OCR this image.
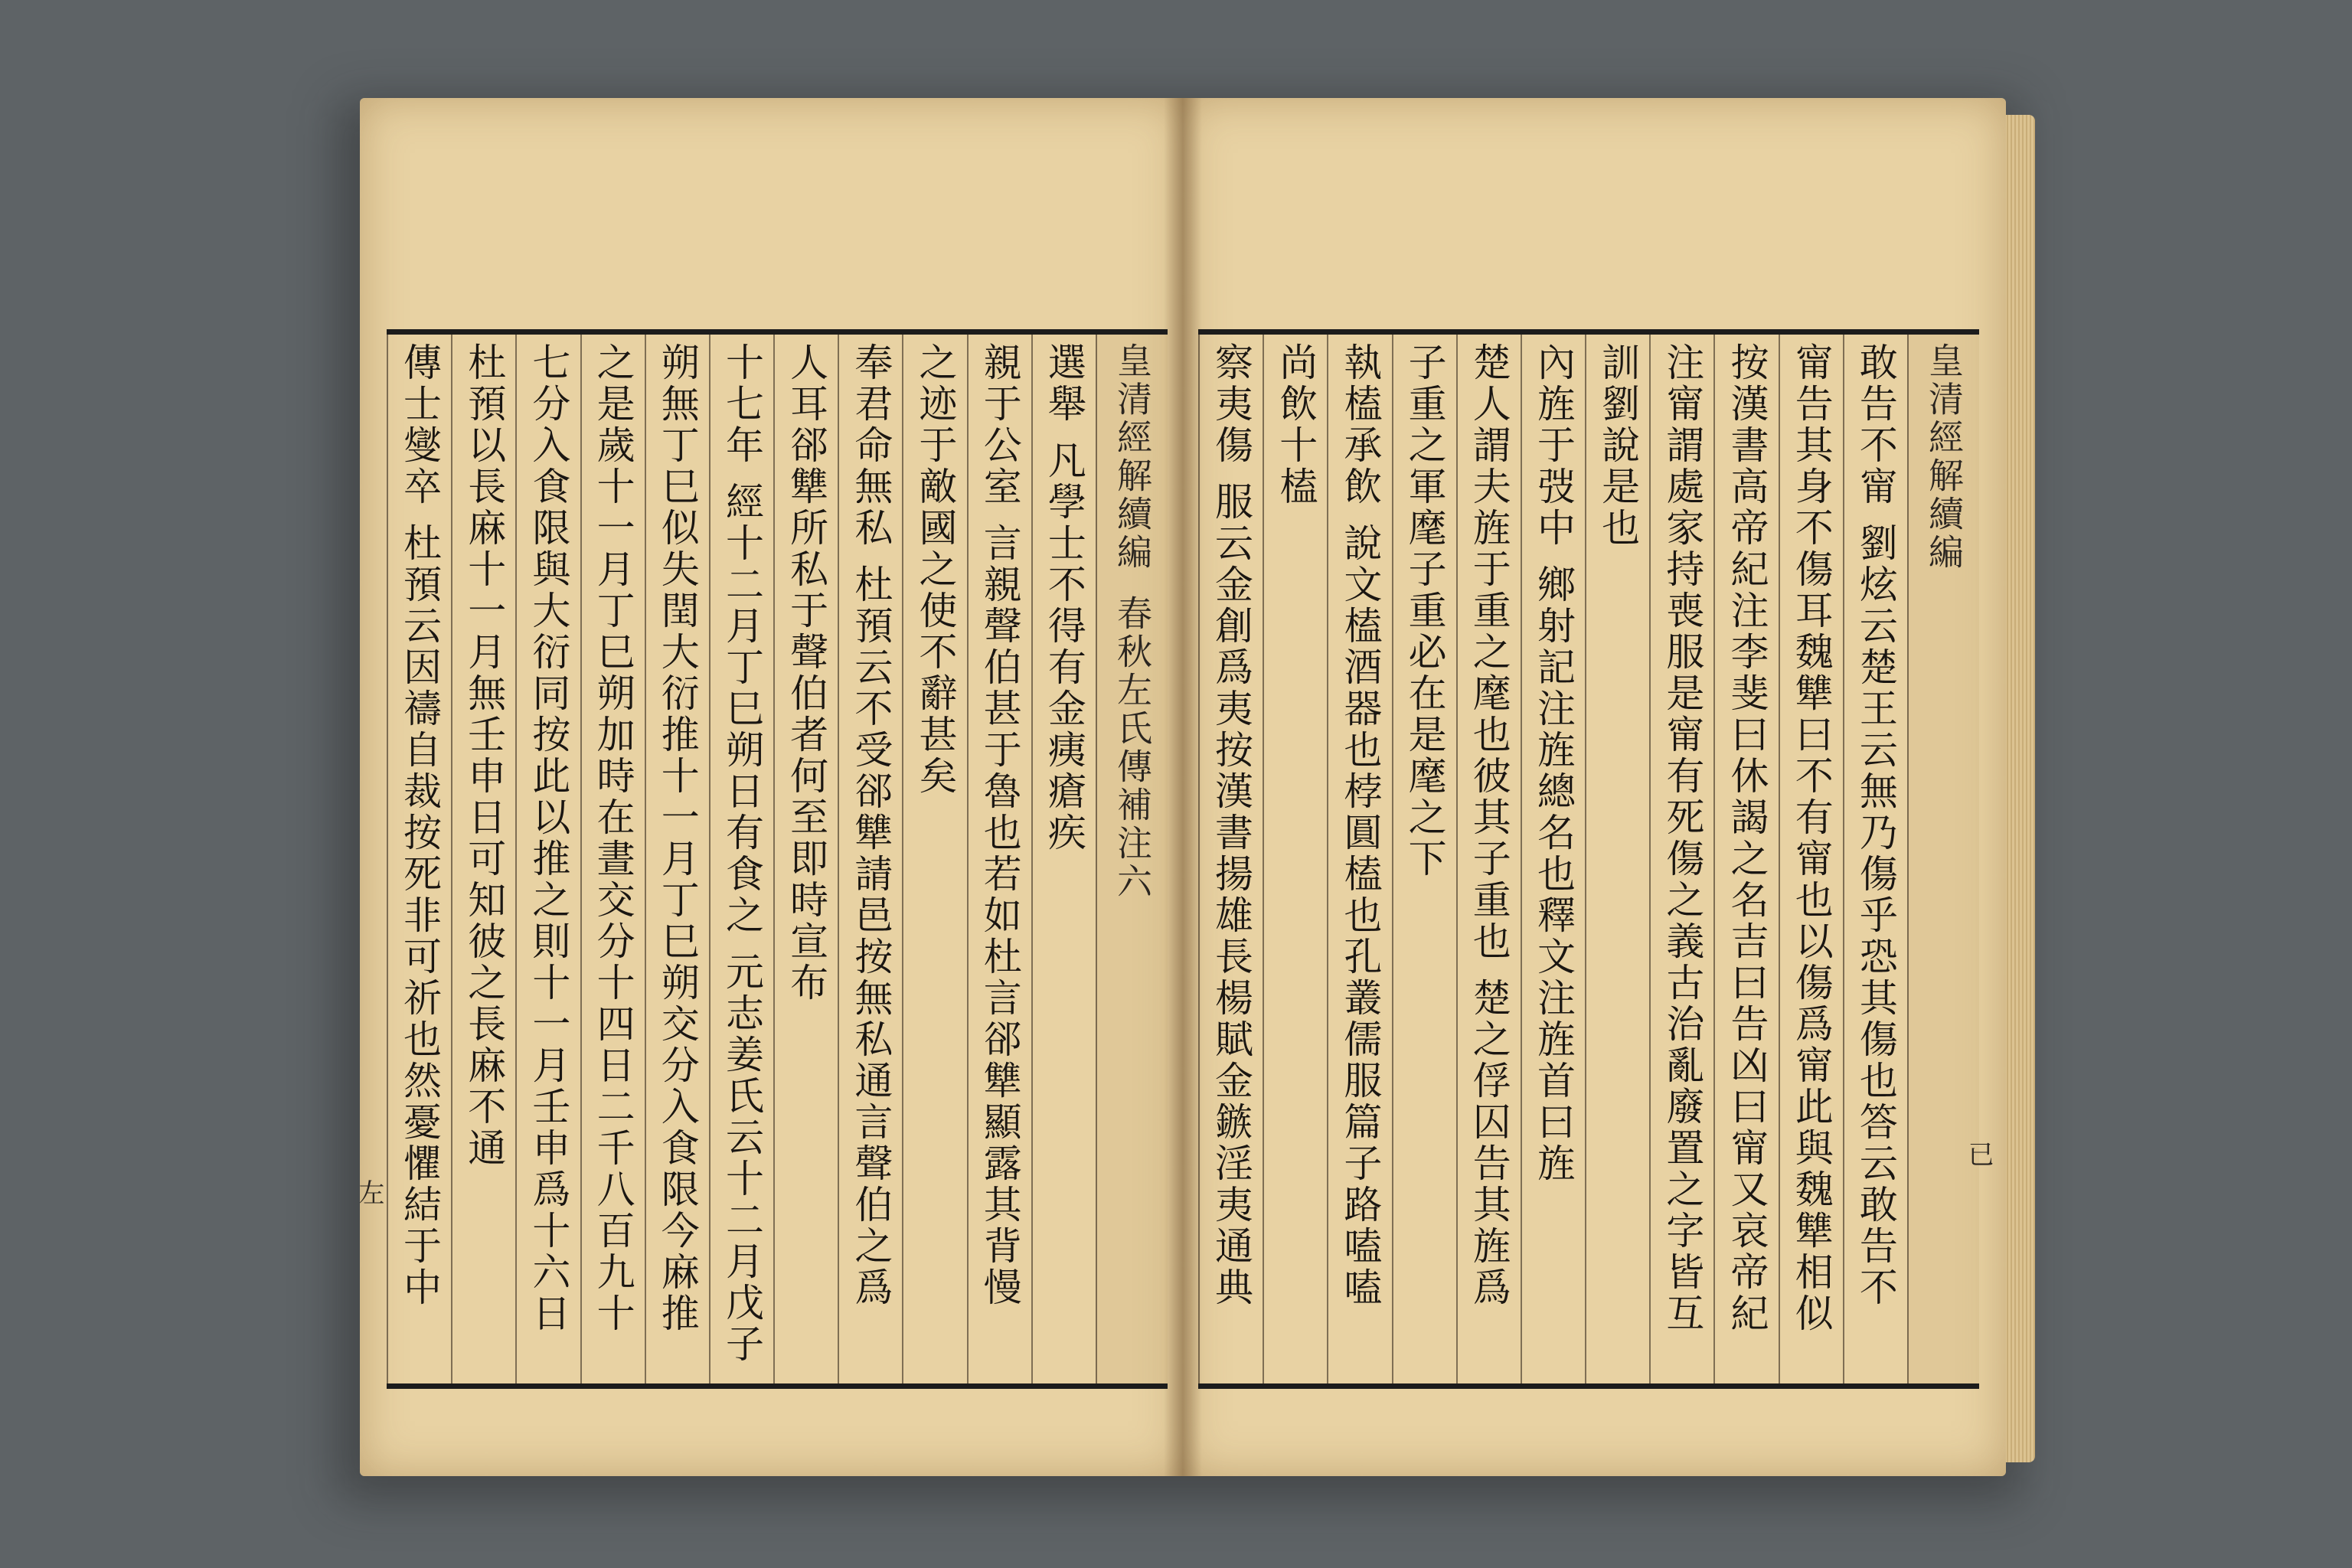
皇清經解續編
春秋左氏傳補注六
選舉 凡學士不得有金痍瘡疾
親于公室 言親聲伯甚于魯也若如杜言郤犨顯露其背慢
之迹于敵國之使不辭甚矣
奉君命無私 杜預云不受郤犨請邑按無私通言聲伯之爲
人耳郤犨所私于聲伯者何至即時宣布
十七年 經十二月丁巳朔日有食之 元志姜氏云十二月戊子
朔無丁巳似失閏大衍推十一月丁巳朔交分入食限今麻推
之是歲十一月丁巳朔加時在晝交分十四日二千八百九十
七分入食限與大衍同按此以推之則十一月壬申爲十六日
杜預以長麻十一月無壬申日可知彼之長麻不通
傳士燮卒 杜預云因禱自裁按死非可祈也然憂懼結于中
左
皇清經解續編
敢告不甯 劉炫云楚王云無乃傷乎恐其傷也答云敢告不
甯告其身不傷耳魏犨曰不有甯也以傷爲甯此與魏犨相似
按漢書高帝紀注李斐曰休謁之名吉曰告凶曰甯又哀帝紀
注甯謂處家持喪服是甯有死傷之義古治亂廢置之字皆互
訓劉說是也
內旌于弢中 鄉射記注旌總名也釋文注旌首曰旌
楚人謂夫旌于重之麾也彼其子重也 楚之俘囚告其旌爲
子重之軍麾子重必在是麾之下
執榼承飲 說文榼酒器也桲圓榼也孔叢儒服篇子路嗑嗑
尚飲十榼
察夷傷 服云金創爲夷按漢書揚雄長楊賦金鏃淫夷通典	已
